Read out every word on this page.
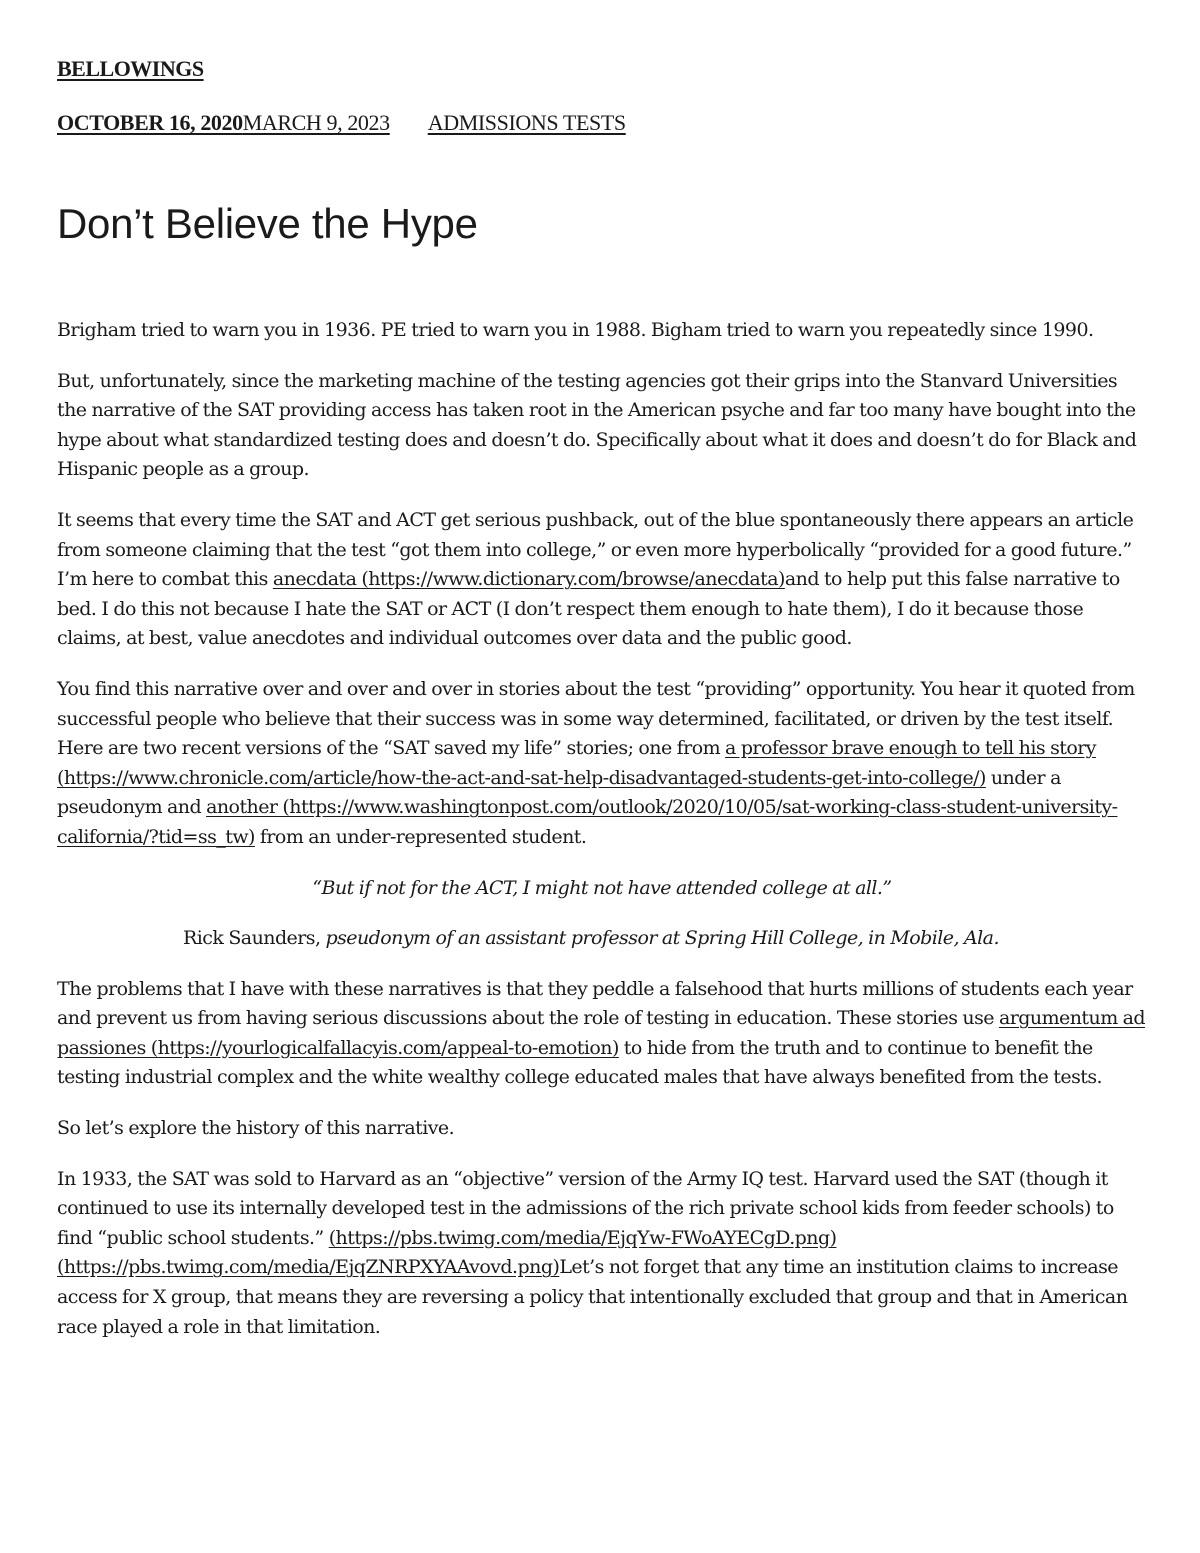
BELLOWINGS
OCTOBER 16, 2020MARCH 9, 2023 ADMISSIONS TESTS
Don’t Believe the Hype

Brigham tried to warn you in 1936. PE tried to warn you in 1988. Bigham tried to warn you repeatedly since 1990.

But, unfortunately, since the marketing machine of the testing agencies got their grips into the Stanvard Universities the narrative of the SAT providing access has taken root in the American psyche and far too many have bought into the hype about what standardized testing does and doesn’t do. Specifically about what it does and doesn’t do for Black and Hispanic people as a group.

It seems that every time the SAT and ACT get serious pushback, out of the blue spontaneously there appears an article from someone claiming that the test “got them into college,” or even more hyperbolically “provided for a good future.” I’m here to combat this anecdata (https://www.dictionary.com/browse/anecdata)and to help put this false narrative to bed. I do this not because I hate the SAT or ACT (I don’t respect them enough to hate them), I do it because those claims, at best, value anecdotes and individual outcomes over data and the public good.

You find this narrative over and over and over in stories about the test “providing” opportunity. You hear it quoted from successful people who believe that their success was in some way determined, facilitated, or driven by the test itself. Here are two recent versions of the “SAT saved my life” stories; one from a professor brave enough to tell his story (https://www.chronicle.com/article/how-the-act-and-sat-help-disadvantaged-students-get-into-college/) under a pseudonym and another (https://www.washingtonpost.com/outlook/2020/10/05/sat-working-class-student-university-california/?tid=ss_tw) from an under-represented student.

“But if not for the ACT, I might not have attended college at all.”

Rick Saunders, pseudonym of an assistant professor at Spring Hill College, in Mobile, Ala.

The problems that I have with these narratives is that they peddle a falsehood that hurts millions of students each year and prevent us from having serious discussions about the role of testing in education. These stories use argumentum ad passiones (https://yourlogicalfallacyis.com/appeal-to-emotion) to hide from the truth and to continue to benefit the testing industrial complex and the white wealthy college educated males that have always benefited from the tests.

So let’s explore the history of this narrative.

In 1933, the SAT was sold to Harvard as an “objective” version of the Army IQ test. Harvard used the SAT (though it continued to use its internally developed test in the admissions of the rich private school kids from feeder schools) to find “public school students.” (https://pbs.twimg.com/media/EjqYw-FWoAYECgD.png) (https://pbs.twimg.com/media/EjqZNRPXYAAvovd.png)Let’s not forget that any time an institution claims to increase access for X group, that means they are reversing a policy that intentionally excluded that group and that in American race played a role in that limitation.
